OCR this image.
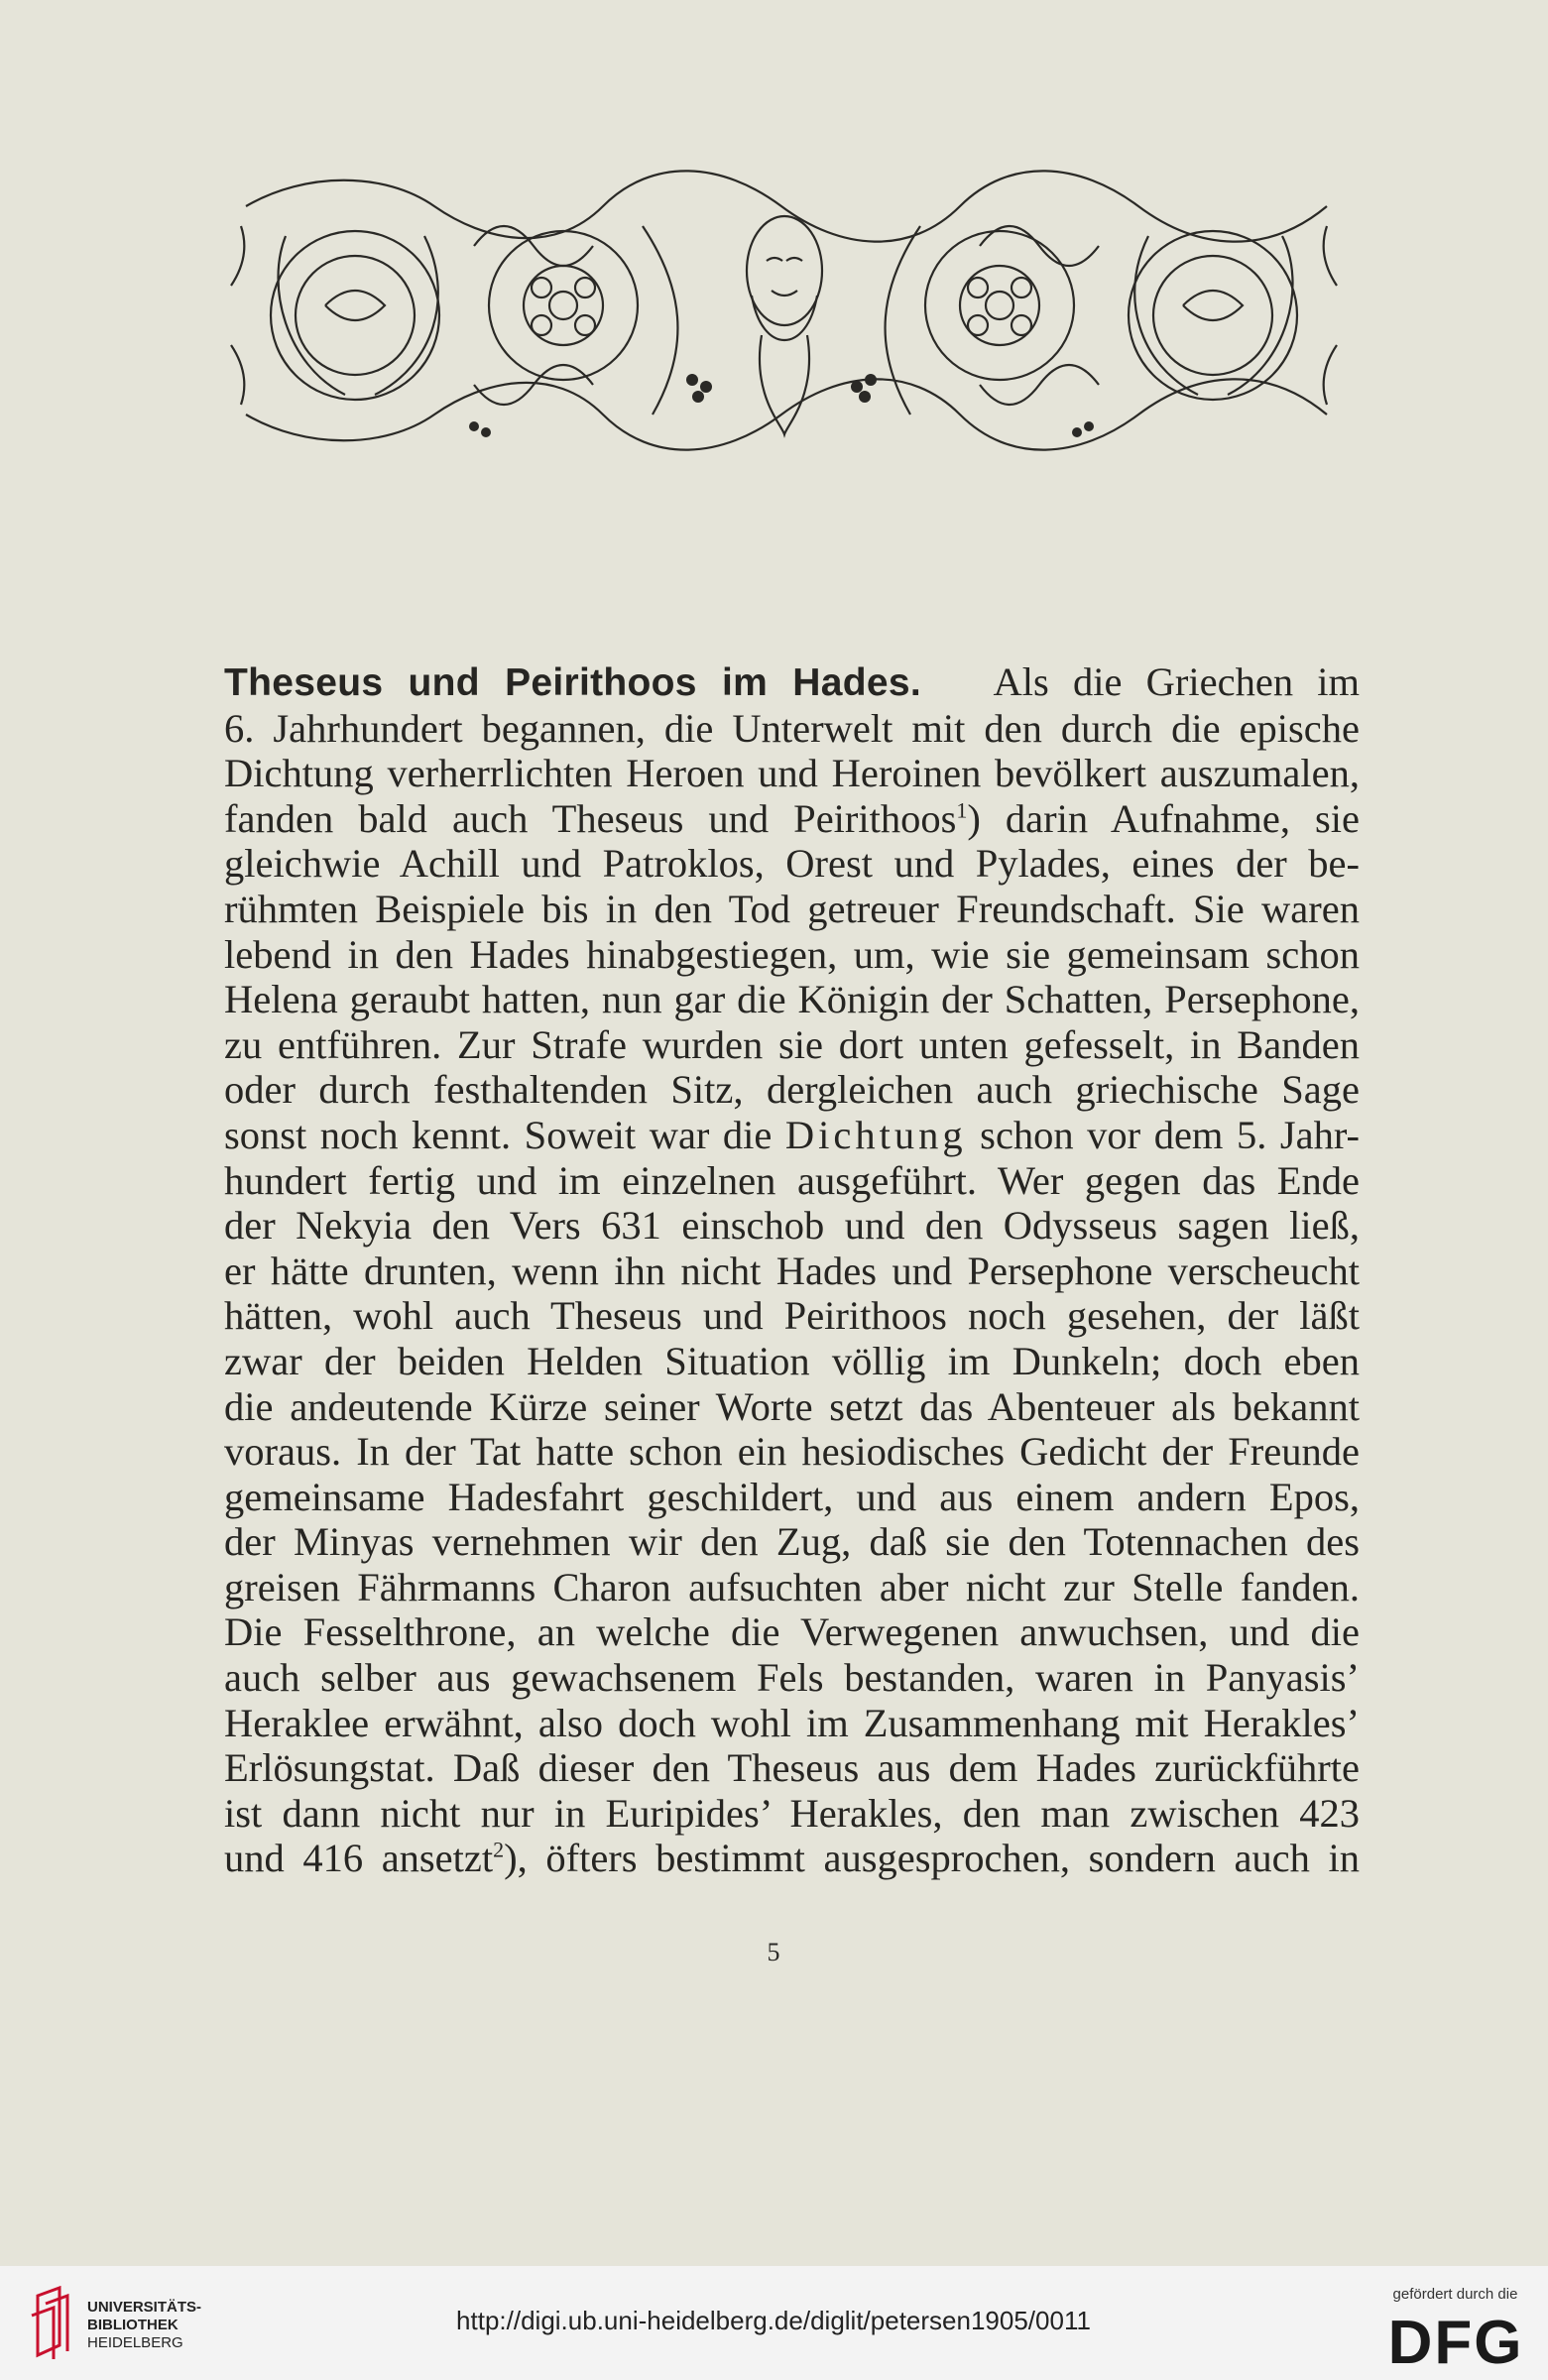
Theseus und Peirithoos im Hades. Als die Griechen im
6. Jahrhundert begannen, die Unterwelt mit den durch die epische
Dichtung verherrlichten Heroen und Heroinen bevölkert auszumalen,
fanden bald auch Theseus und Peirithoos$^1$) darin Aufnahme, sie
gleichwie Achill und Patroklos, Orest und Pylades, eines der be-
rühmten Beispiele bis in den Tod getreuer Freundschaft. Sie waren
lebend in den Hades hinabgestiegen, um, wie sie gemeinsam schon
Helena geraubt hatten, nun gar die Königin der Schatten, Persephone,
zu entführen. Zur Strafe wurden sie dort unten gefesselt, in Banden
oder durch festhaltenden Sitz, dergleichen auch griechische Sage
sonst noch kennt. Soweit war die Dichtung schon vor dem 5. Jahr-
hundert fertig und im einzelnen ausgeführt. Wer gegen das Ende
der Nekyia den Vers 631 einschob und den Odysseus sagen ließ,
er hätte drunten, wenn ihn nicht Hades und Persephone verscheucht
hätten, wohl auch Theseus und Peirithoos noch gesehen, der läßt
zwar der beiden Helden Situation völlig im Dunkeln; doch eben
die andeutende Kürze seiner Worte setzt das Abenteuer als bekannt
voraus. In der Tat hatte schon ein hesiodisches Gedicht der Freunde
gemeinsame Hadesfahrt geschildert, und aus einem andern Epos,
der Minyas vernehmen wir den Zug, daß sie den Totennachen des
greisen Fährmanns Charon aufsuchten aber nicht zur Stelle fanden.
Die Fesselthrone, an welche die Verwegenen anwuchsen, und die
auch selber aus gewachsenem Fels bestanden, waren in Panyasis’
Heraklee erwähnt, also doch wohl im Zusammenhang mit Herakles’
Erlösungstat. Daß dieser den Theseus aus dem Hades zurückführte
ist dann nicht nur in Euripides’ Herakles, den man zwischen 423
und 416 ansetzt$^2$), öfters bestimmt ausgesprochen, sondern auch in
5
UNIVERSITÄTS-
BIBLIOTHEK
HEIDELBERG
http://digi.ub.uni-heidelberg.de/diglit/petersen1905/0011
gefördert durch die
DFG
